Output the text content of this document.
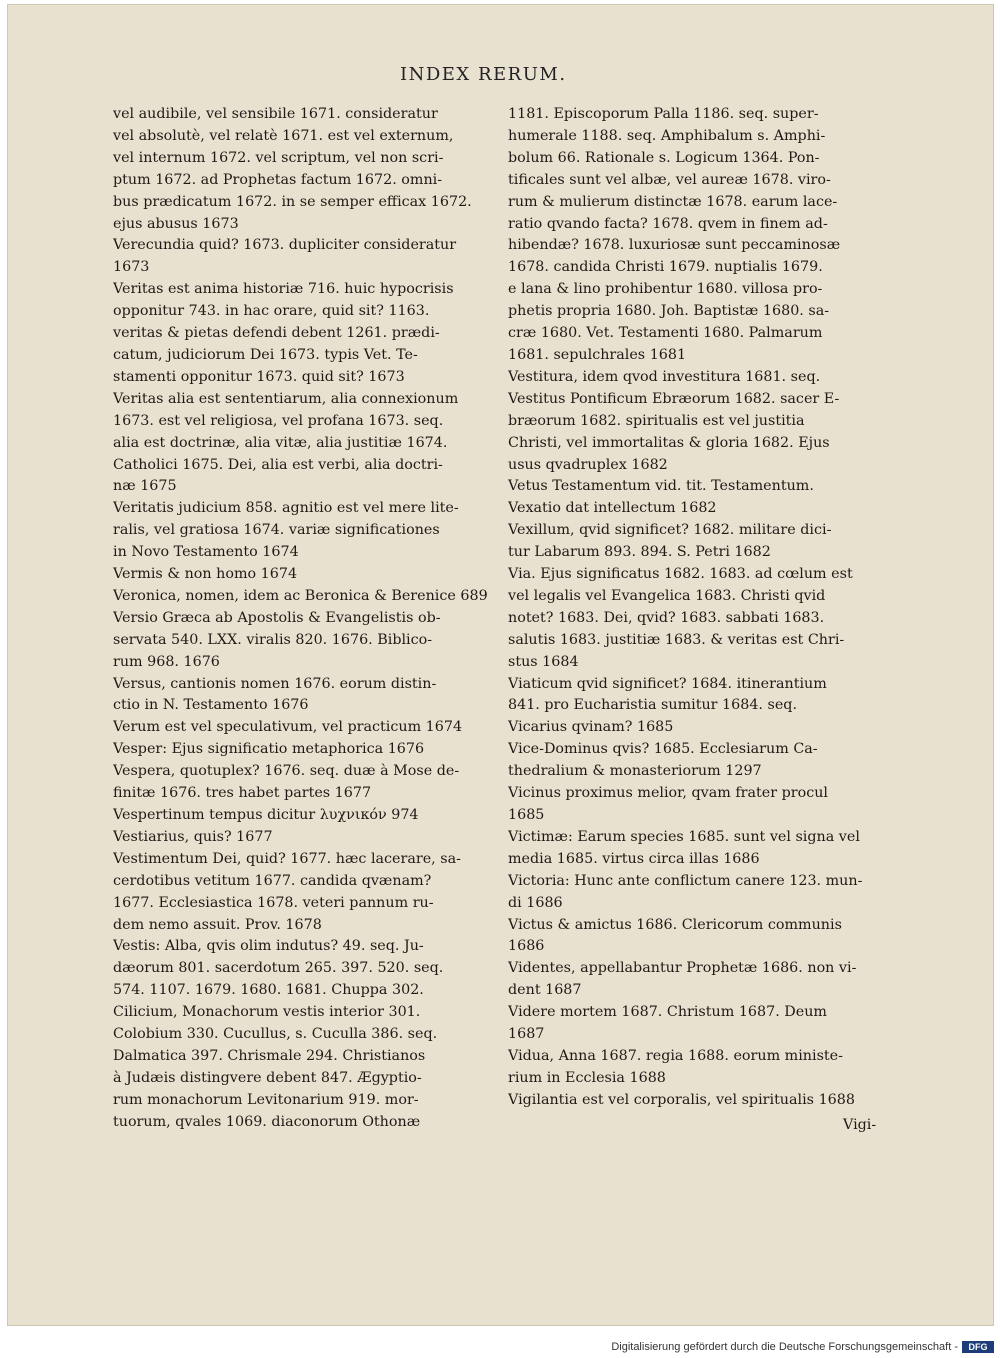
INDEX RERUM.
vel audibile, vel sensibile 1671. consideratur
vel absolutè, vel relatè 1671. est vel externum,
vel internum 1672. vel scriptum, vel non scri-
ptum 1672. ad Prophetas factum 1672. omni-
bus prædicatum 1672. in se semper efficax 1672.
ejus abusus 1673
Verecundia quid? 1673. dupliciter consideratur
1673
Veritas est anima historiæ 716. huic hypocrisis
opponitur 743. in hac orare, quid sit? 1163.
veritas & pietas defendi debent 1261. prædi-
catum, judiciorum Dei 1673. typis Vet. Te-
stamenti opponitur 1673. quid sit? 1673
Veritas alia est sententiarum, alia connexionum
1673. est vel religiosa, vel profana 1673. seq.
alia est doctrinæ, alia vitæ, alia justitiæ 1674.
Catholici 1675. Dei, alia est verbi, alia doctri-
næ 1675
Veritatis judicium 858. agnitio est vel mere lite-
ralis, vel gratiosa 1674. variæ significationes
in Novo Testamento 1674
Vermis & non homo 1674
Veronica, nomen, idem ac Beronica & Berenice 689
Versio Græca ab Apostolis & Evangelistis ob-
servata 540. LXX. viralis 820. 1676. Biblico-
rum 968. 1676
Versus, cantionis nomen 1676. eorum distin-
ctio in N. Testamento 1676
Verum est vel speculativum, vel practicum 1674
Vesper: Ejus significatio metaphorica 1676
Vespera, quotuplex? 1676. seq. duæ à Mose de-
finitæ 1676. tres habet partes 1677
Vespertinum tempus dicitur λυχνικόν 974
Vestiarius, quis? 1677
Vestimentum Dei, quid? 1677. hæc lacerare, sa-
cerdotibus vetitum 1677. candida qvænam?
1677. Ecclesiastica 1678. veteri pannum ru-
dem nemo assuit. Prov. 1678
Vestis: Alba, qvis olim indutus? 49. seq. Ju-
dæorum 801. sacerdotum 265. 397. 520. seq.
574. 1107. 1679. 1680. 1681. Chuppa 302.
Cilicium, Monachorum vestis interior 301.
Colobium 330. Cucullus, s. Cuculla 386. seq.
Dalmatica 397. Chrismale 294. Christianos
à Judæis distingvere debent 847. Ægyptio-
rum monachorum Levitonarium 919. mor-
tuorum, qvales 1069. diaconorum Othonæ
1181. Episcoporum Palla 1186. seq. super-
humerale 1188. seq. Amphibalum s. Amphi-
bolum 66. Rationale s. Logicum 1364. Pon-
tificales sunt vel albæ, vel aureæ 1678. viro-
rum & mulierum distinctæ 1678. earum lace-
ratio qvando facta? 1678. qvem in finem ad-
hibendæ? 1678. luxuriosæ sunt peccaminosæ
1678. candida Christi 1679. nuptialis 1679.
e lana & lino prohibentur 1680. villosa pro-
phetis propria 1680. Joh. Baptistæ 1680. sa-
cræ 1680. Vet. Testamenti 1680. Palmarum
1681. sepulchrales 1681
Vestitura, idem qvod investitura 1681. seq.
Vestitus Pontificum Ebræorum 1682. sacer E-
bræorum 1682. spiritualis est vel justitia
Christi, vel immortalitas & gloria 1682. Ejus
usus qvadruplex 1682
Vetus Testamentum vid. tit. Testamentum.
Vexatio dat intellectum 1682
Vexillum, qvid significet? 1682. militare dici-
tur Labarum 893. 894. S. Petri 1682
Via. Ejus significatus 1682. 1683. ad cœlum est
vel legalis vel Evangelica 1683. Christi qvid
notet? 1683. Dei, qvid? 1683. sabbati 1683.
salutis 1683. justitiæ 1683. & veritas est Chri-
stus 1684
Viaticum qvid significet? 1684. itinerantium
841. pro Eucharistia sumitur 1684. seq.
Vicarius qvinam? 1685
Vice-Dominus qvis? 1685. Ecclesiarum Ca-
thedralium & monasteriorum 1297
Vicinus proximus melior, qvam frater procul
1685
Victimæ: Earum species 1685. sunt vel signa vel
media 1685. virtus circa illas 1686
Victoria: Hunc ante conflictum canere 123. mun-
di 1686
Victus & amictus 1686. Clericorum communis
1686
Videntes, appellabantur Prophetæ 1686. non vi-
dent 1687
Videre mortem 1687. Christum 1687. Deum
1687
Vidua, Anna 1687. regia 1688. eorum ministe-
rium in Ecclesia 1688
Vigilantia est vel corporalis, vel spiritualis 1688
Vigi-
Digitalisierung gefördert durch die Deutsche Forschungsgemeinschaft -	DFG
